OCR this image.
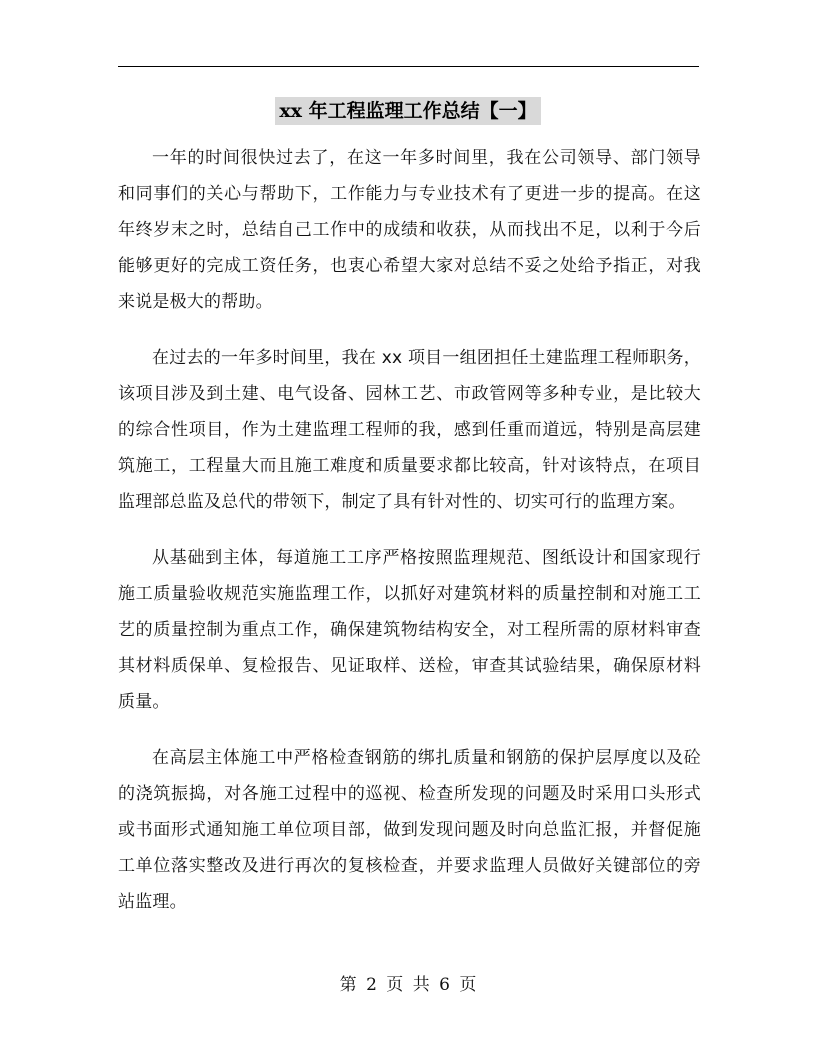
xx 年工程监理工作总结【一】

一年的时间很快过去了，在这一年多时间里，我在公司领导、部门领导和同事们的关心与帮助下，工作能力与专业技术有了更进一步的提高。在这年终岁末之时，总结自己工作中的成绩和收获，从而找出不足，以利于今后能够更好的完成工资任务，也衷心希望大家对总结不妥之处给予指正，对我来说是极大的帮助。

在过去的一年多时间里，我在 xx 项目一组团担任土建监理工程师职务，该项目涉及到土建、电气设备、园林工艺、市政管网等多种专业，是比较大的综合性项目，作为土建监理工程师的我，感到任重而道远，特别是高层建筑施工，工程量大而且施工难度和质量要求都比较高，针对该特点，在项目监理部总监及总代的带领下，制定了具有针对性的、切实可行的监理方案。

从基础到主体，每道施工工序严格按照监理规范、图纸设计和国家现行施工质量验收规范实施监理工作，以抓好对建筑材料的质量控制和对施工工艺的质量控制为重点工作，确保建筑物结构安全，对工程所需的原材料审查其材料质保单、复检报告、见证取样、送检，审查其试验结果，确保原材料质量。

在高层主体施工中严格检查钢筋的绑扎质量和钢筋的保护层厚度以及砼的浇筑振捣，对各施工过程中的巡视、检查所发现的问题及时采用口头形式或书面形式通知施工单位项目部，做到发现问题及时向总监汇报，并督促施工单位落实整改及进行再次的复核检查，并要求监理人员做好关键部位的旁站监理。

第 2 页 共 6 页
